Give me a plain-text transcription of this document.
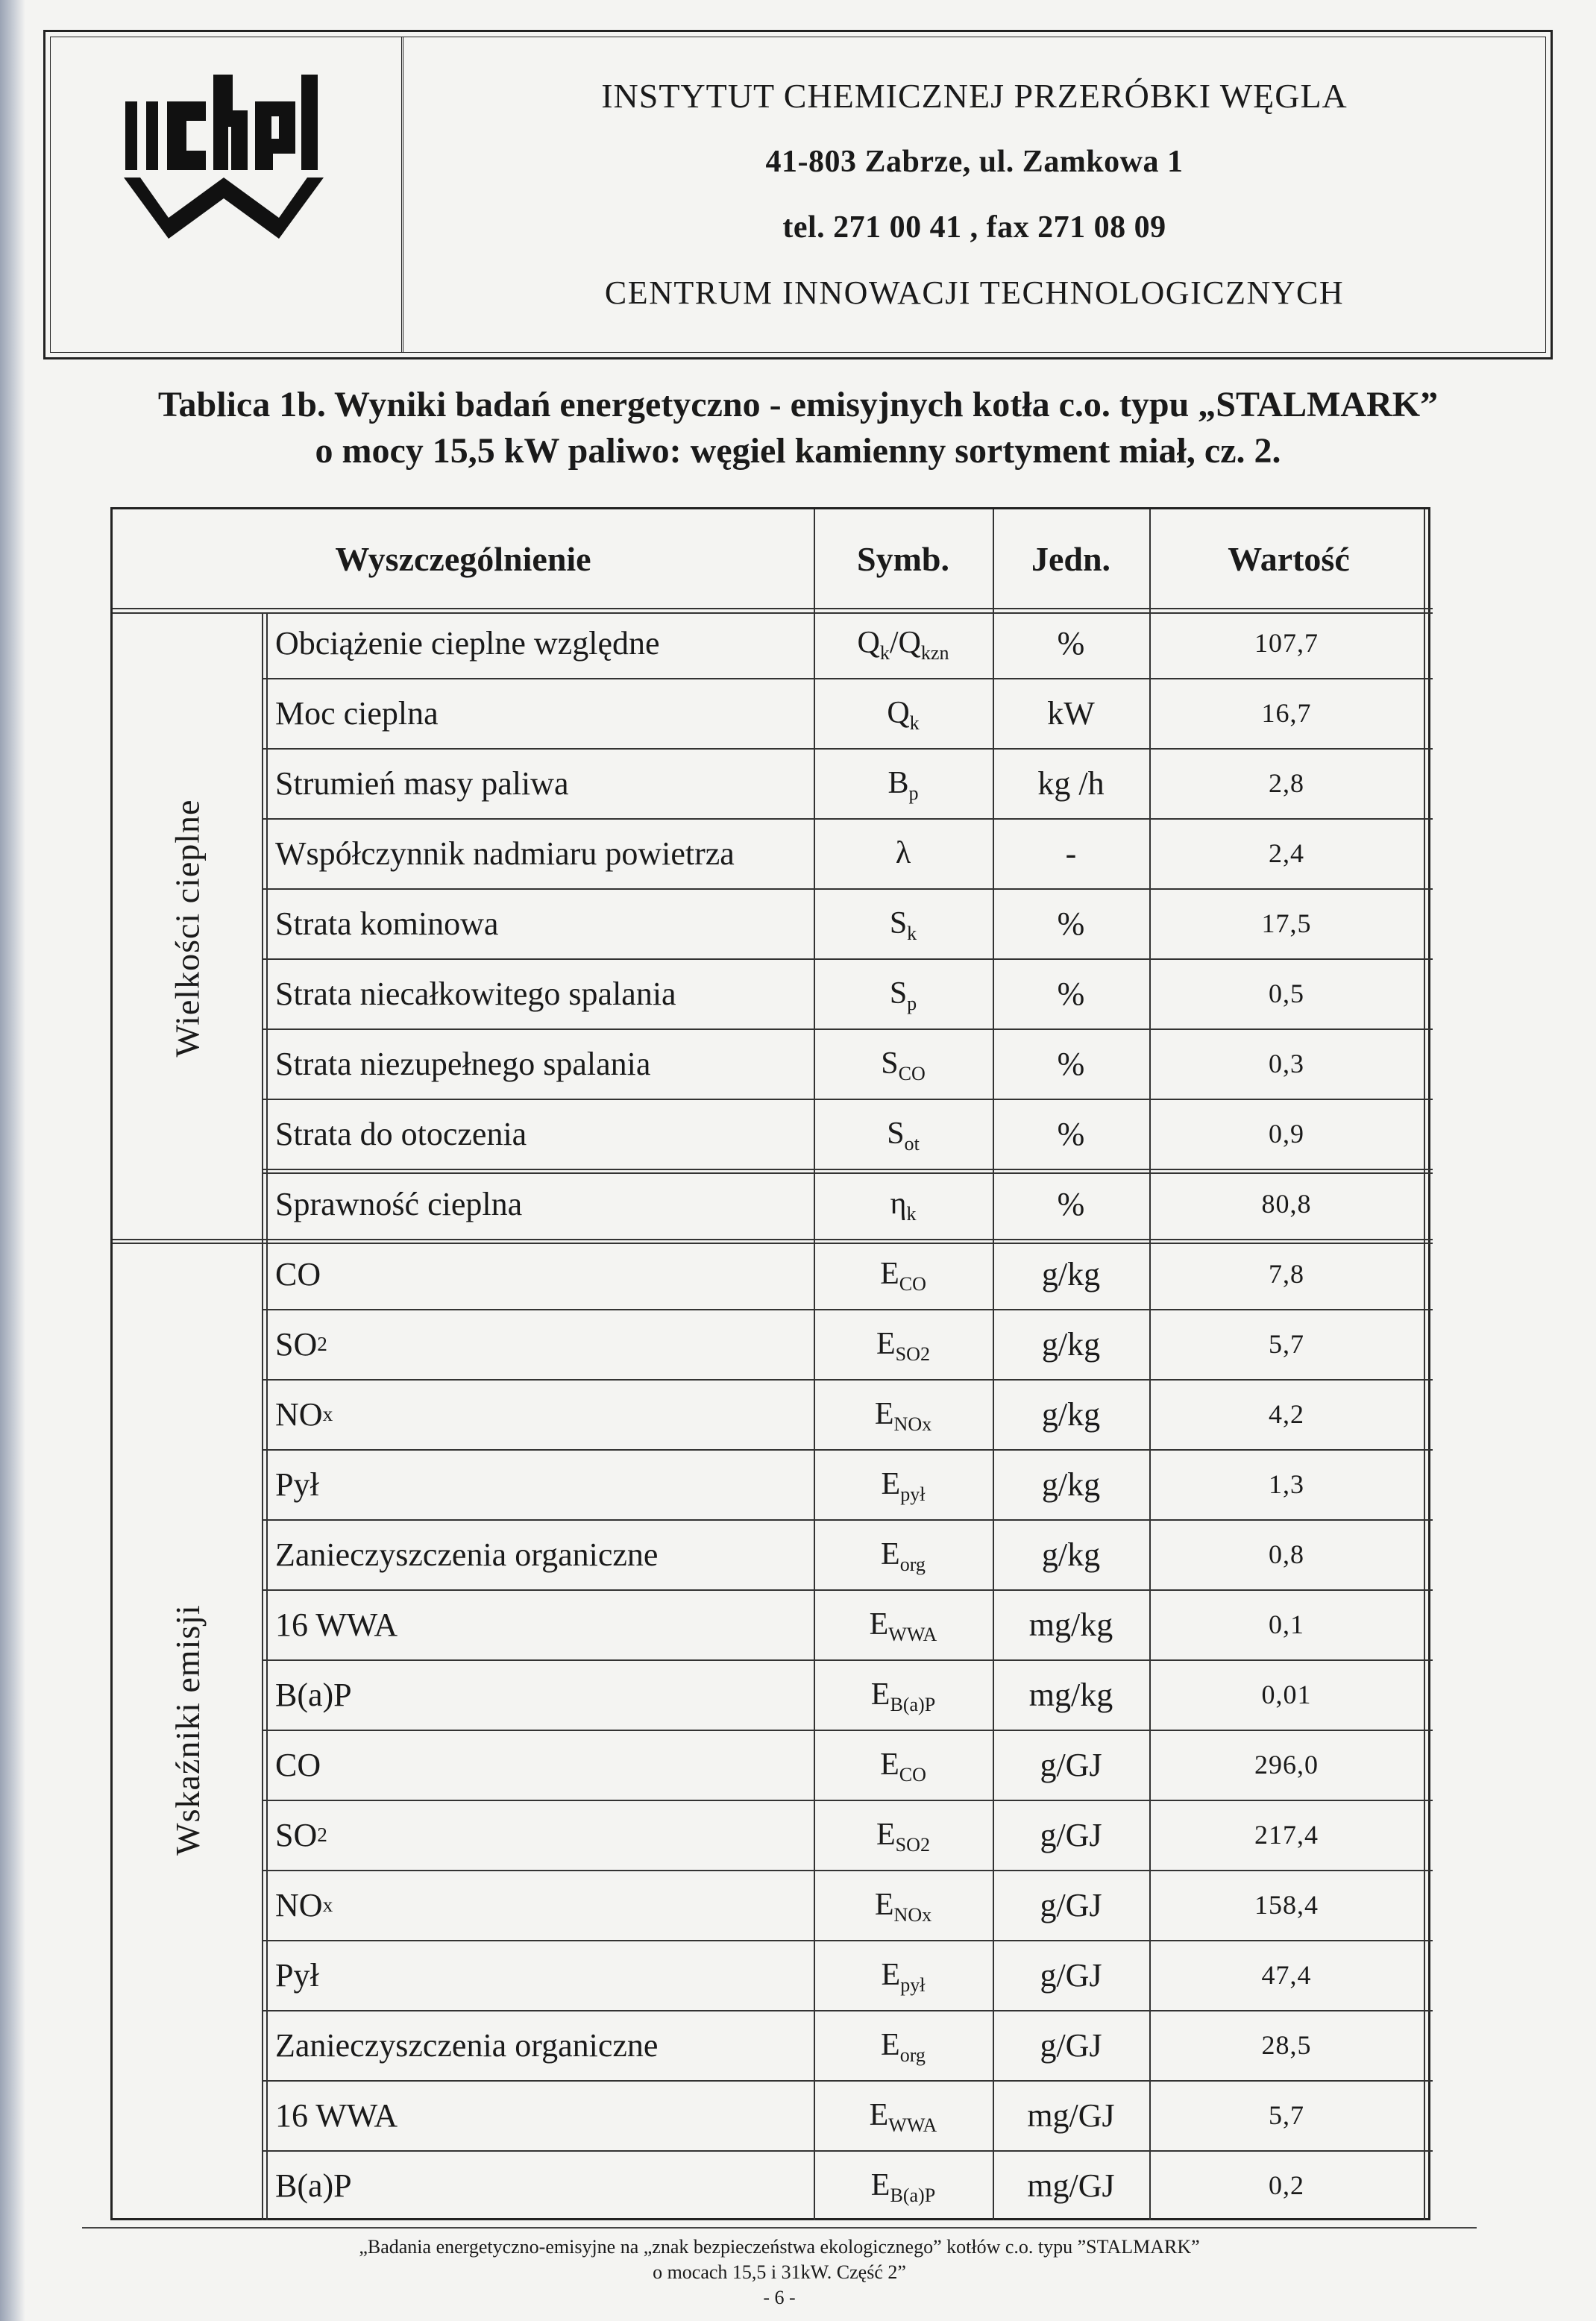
INSTYTUT CHEMICZNEJ PRZERÓBKI WĘGLA
41-803 Zabrze, ul. Zamkowa 1
tel. 271 00 41 , fax 271 08 09
CENTRUM INNOWACJI TECHNOLOGICZNYCH
Tablica 1b. Wyniki badań energetyczno - emisyjnych kotła c.o. typu „STALMARK”
o mocy 15,5 kW paliwo: węgiel kamienny sortyment miał, cz. 2.
Wyszczególnienie	Symb.	Jedn.	Wartość
Wielkości cieplne
Wskaźniki emisji
Obciążenie cieplne względne	$Q_k/Q_{kzn}$	%	107,7
Moc cieplna	$Q_k$	kW	16,7
Strumień masy paliwa	$B_p$	kg /h	2,8
Współczynnik nadmiaru powietrza	λ	-	2,4
Strata kominowa	$S_k$	%	17,5
Strata niecałkowitego spalania	$S_p$	%	0,5
Strata niezupełnego spalania	$S_{CO}$	%	0,3
Strata do otoczenia	$S_{ot}$	%	0,9
Sprawność cieplna	$\eta_k$	%	80,8
CO	$E_{CO}$	g/kg	7,8
SO 2	$E_{SO2}$	g/kg	5,7
NO x	$E_{NOx}$	g/kg	4,2
Pył	$E_{pył}$	g/kg	1,3
Zanieczyszczenia organiczne	$E_{org}$	g/kg	0,8
16 WWA	$E_{WWA}$	mg/kg	0,1
B(a)P	$E_{B(a)P}$	mg/kg	0,01
CO	$E_{CO}$	g/GJ	296,0
SO 2	$E_{SO2}$	g/GJ	217,4
NO x	$E_{NOx}$	g/GJ	158,4
Pył	$E_{pył}$	g/GJ	47,4
Zanieczyszczenia organiczne	$E_{org}$	g/GJ	28,5
16 WWA	$E_{WWA}$	mg/GJ	5,7
B(a)P	$E_{B(a)P}$	mg/GJ	0,2
„Badania energetyczno-emisyjne na „znak bezpieczeństwa ekologicznego” kotłów c.o. typu ”STALMARK”
o mocach 15,5 i 31kW. Część 2”
- 6 -
